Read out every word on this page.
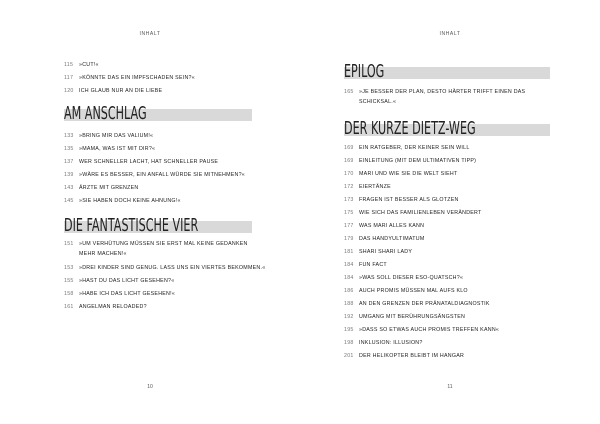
INHALT
115	»CUT!«
117	»KÖNNTE DAS EIN IMPFSCHADEN SEIN?«
120	ICH GLAUB NUR AN DIE LIEBE
AM ANSCHLAG
133	»BRING MIR DAS VALIUM!«
135	»MAMA, WAS IST MIT DIR?«
137	WER SCHNELLER LACHT, HAT SCHNELLER PAUSE
139	»WÄRE ES BESSER, EIN ANFALL WÜRDE SIE MITNEHMEN?«
143	ÄRZTE MIT GRENZEN
145	»SIE HABEN DOCH KEINE AHNUNG!«
DIE FANTASTISCHE VIER
151	»UM VERHÜTUNG MÜSSEN SIE ERST MAL KEINE GEDANKEN MEHR MACHEN!«
153	»DREI KINDER SIND GENUG. LASS UNS EIN VIERTES BEKOMMEN.«
155	»HAST DU DAS LICHT GESEHEN?«
158	»HABE ICH DAS LICHT GESEHEN!«
161	ANGELMAN RELOADED?
10
INHALT
EPILOG
165	»JE BESSER DER PLAN, DESTO HÄRTER TRIFFT EINEN DAS SCHICKSAL.«
DER KURZE DIETZ-WEG
169	EIN RATGEBER, DER KEINER SEIN WILL
169	EINLEITUNG (MIT DEM ULTIMATIVEN TIPP)
170	MARI UND WIE SIE DIE WELT SIEHT
172	EIERTÄNZE
173	FRAGEN IST BESSER ALS GLOTZEN
175	WIE SICH DAS FAMILIENLEBEN VERÄNDERT
177	WAS MARI ALLES KANN
179	DAS HANDYULTIMATUM
181	SHARI SHARI LADY
184	FUN FACT
184	»WAS SOLL DIESER ESO-QUATSCH?«
186	AUCH PROMIS MÜSSEN MAL AUFS KLO
188	AN DEN GRENZEN DER PRÄNATALDIAGNOSTIK
192	UMGANG MIT BERÜHRUNGSÄNGSTEN
195	»DASS SO ETWAS AUCH PROMIS TREFFEN KANN«
198	INKLUSION: ILLUSION?
201	DER HELIKOPTER BLEIBT IM HANGAR
11
